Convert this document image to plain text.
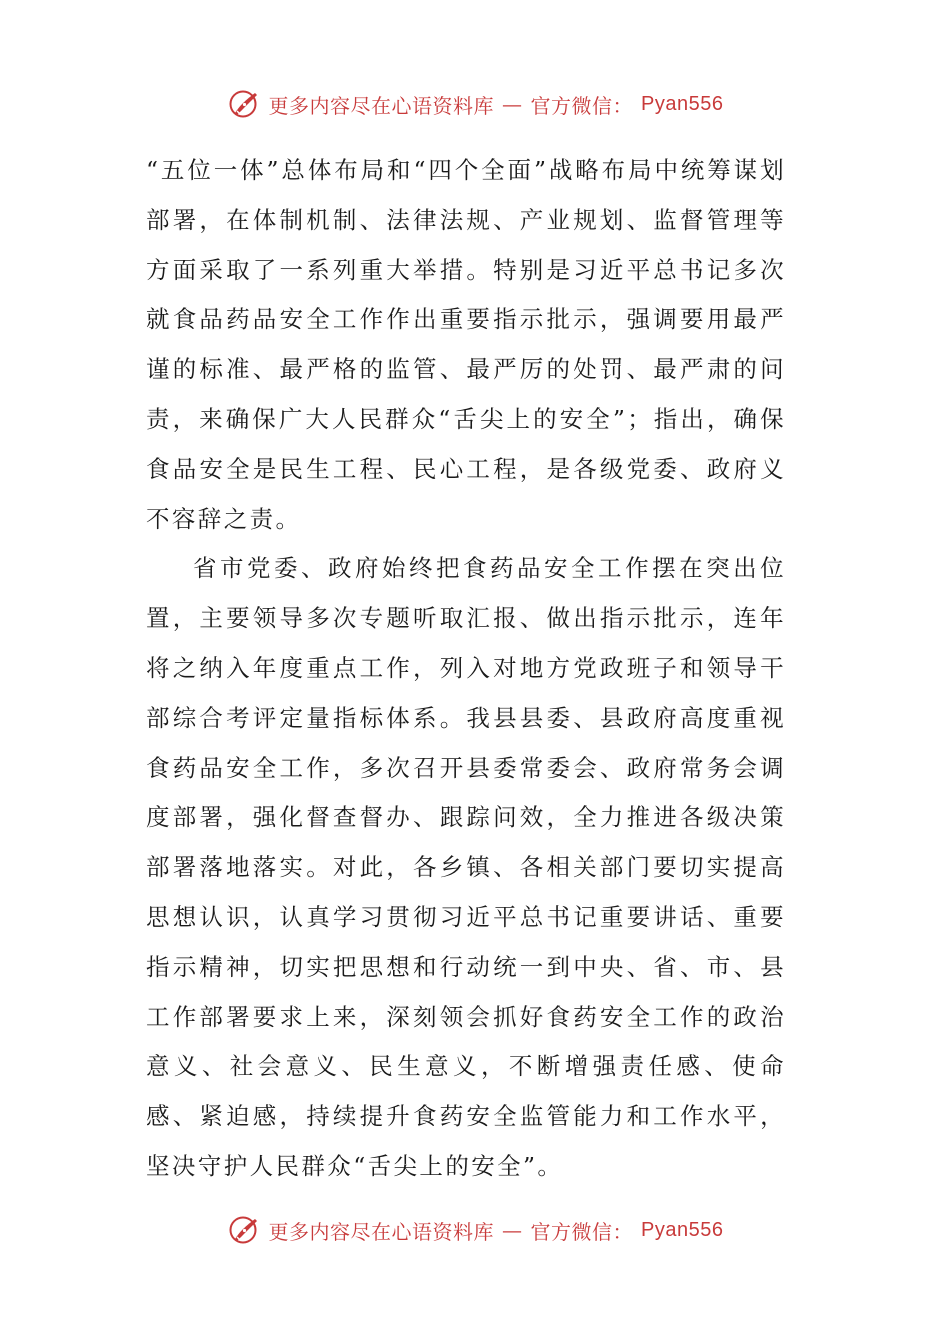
更多内容尽在心语资料库 — 官方微信： Pyan556

“五位一体”总体布局和“四个全面”战略布局中统筹谋划部署，在体制机制、法律法规、产业规划、监督管理等方面采取了一系列重大举措。特别是习近平总书记多次就食品药品安全工作作出重要指示批示，强调要用最严谨的标准、最严格的监管、最严厉的处罚、最严肃的问责，来确保广大人民群众“舌尖上的安全”；指出，确保食品安全是民生工程、民心工程，是各级党委、政府义不容辞之责。

省市党委、政府始终把食药品安全工作摆在突出位置，主要领导多次专题听取汇报、做出指示批示，连年将之纳入年度重点工作，列入对地方党政班子和领导干部综合考评定量指标体系。我县县委、县政府高度重视食药品安全工作，多次召开县委常委会、政府常务会调度部署，强化督查督办、跟踪问效，全力推进各级决策部署落地落实。对此，各乡镇、各相关部门要切实提高思想认识，认真学习贯彻习近平总书记重要讲话、重要指示精神，切实把思想和行动统一到中央、省、市、县工作部署要求上来，深刻领会抓好食药安全工作的政治意义、社会意义、民生意义，不断增强责任感、使命感、紧迫感，持续提升食药安全监管能力和工作水平，坚决守护人民群众“舌尖上的安全”。

更多内容尽在心语资料库 — 官方微信： Pyan556
